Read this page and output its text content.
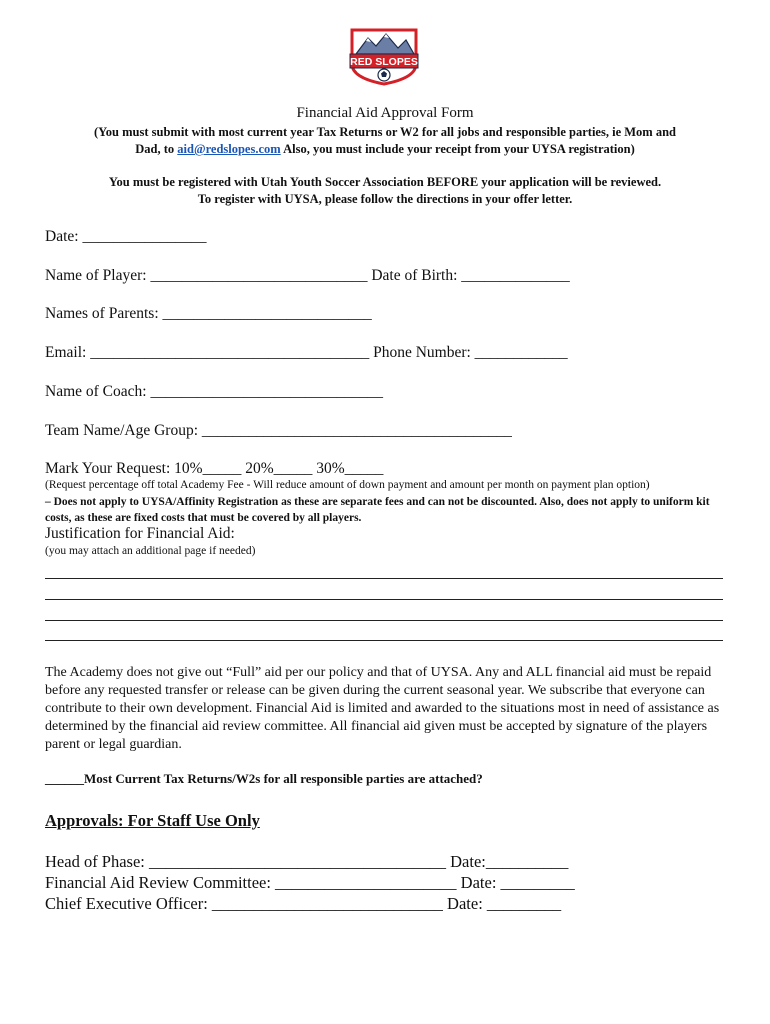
RED SLOPES
Financial Aid Approval Form
(You must submit with most current year Tax Returns or W2 for all jobs and responsible parties, ie Mom and
Dad, to aid@redslopes.com Also, you must include your receipt from your UYSA registration)
You must be registered with Utah Youth Soccer Association BEFORE your application will be reviewed.
To register with UYSA, please follow the directions in your offer letter.
Date: ________________
Name of Player: ____________________________ Date of Birth: ______________
Names of Parents: ___________________________
Email: ____________________________________ Phone Number: ____________
Name of Coach: ______________________________
Team Name/Age Group: ________________________________________
Mark Your Request: 10%_____ 20%_____ 30%_____
(Request percentage off total Academy Fee - Will reduce amount of down payment and amount per month on payment plan option)
– Does not apply to UYSA/Affinity Registration as these are separate fees and can not be discounted. Also, does not apply to uniform kit costs, as these are fixed costs that must be covered by all players.
Justification for Financial Aid:
(you may attach an additional page if needed)
The Academy does not give out “Full” aid per our policy and that of UYSA. Any and ALL financial aid must be repaid before any requested transfer or release can be given during the current seasonal year. We subscribe that everyone can contribute to their own development. Financial Aid is limited and awarded to the situations most in need of assistance as determined by the financial aid review committee. All financial aid given must be accepted by signature of the players parent or legal guardian.
______Most Current Tax Returns/W2s for all responsible parties are attached?
Approvals: For Staff Use Only
Head of Phase: ____________________________________ Date:__________
Financial Aid Review Committee: ______________________ Date: _________
Chief Executive Officer: ____________________________ Date: _________
